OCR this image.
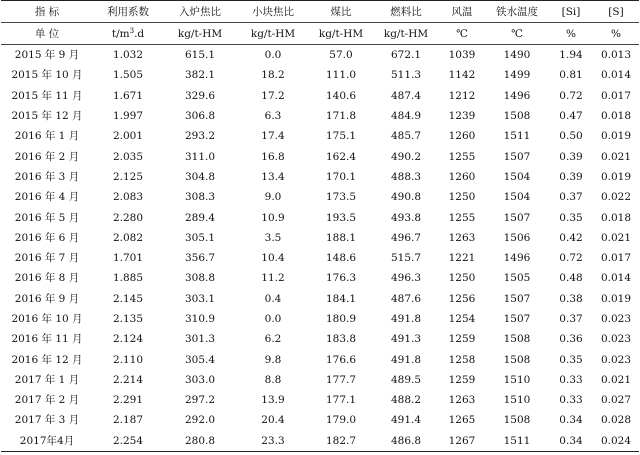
指 标	利用系数	入炉焦比	小块焦比	煤比	燃料比	风温	铁水温度	[Si]	[S]
单 位	$t/m^3.d$	kg/t-HM	kg/t-HM	kg/t-HM	kg/t-HM	℃	℃	%	%
2015 年 9 月	1.032	615.1	0.0	57.0	672.1	1039	1490	1.94	0.013
2015 年 10 月	1.505	382.1	18.2	111.0	511.3	1142	1499	0.81	0.014
2015 年 11 月	1.671	329.6	17.2	140.6	487.4	1212	1496	0.72	0.017
2015 年 12 月	1.997	306.8	6.3	171.8	484.9	1239	1508	0.47	0.018
2016 年 1 月	2.001	293.2	17.4	175.1	485.7	1260	1511	0.50	0.019
2016 年 2 月	2.035	311.0	16.8	162.4	490.2	1255	1507	0.39	0.021
2016 年 3 月	2.125	304.8	13.4	170.1	488.3	1260	1504	0.39	0.019
2016 年 4 月	2.083	308.3	9.0	173.5	490.8	1250	1504	0.37	0.022
2016 年 5 月	2.280	289.4	10.9	193.5	493.8	1255	1507	0.35	0.018
2016 年 6 月	2.082	305.1	3.5	188.1	496.7	1263	1506	0.42	0.021
2016 年 7 月	1.701	356.7	10.4	148.6	515.7	1221	1496	0.72	0.017
2016 年 8 月	1.885	308.8	11.2	176.3	496.3	1250	1505	0.48	0.014
2016 年 9 月	2.145	303.1	0.4	184.1	487.6	1256	1507	0.38	0.019
2016 年 10 月	2.135	310.9	0.0	180.9	491.8	1254	1507	0.37	0.023
2016 年 11 月	2.124	301.3	6.2	183.8	491.3	1259	1508	0.36	0.023
2016 年 12 月	2.110	305.4	9.8	176.6	491.8	1258	1508	0.35	0.023
2017 年 1 月	2.214	303.0	8.8	177.7	489.5	1259	1510	0.33	0.021
2017 年 2 月	2.291	297.2	13.9	177.1	488.2	1263	1510	0.33	0.027
2017 年 3 月	2.187	292.0	20.4	179.0	491.4	1265	1508	0.34	0.028
2017年4月	2.254	280.8	23.3	182.7	486.8	1267	1511	0.34	0.024
